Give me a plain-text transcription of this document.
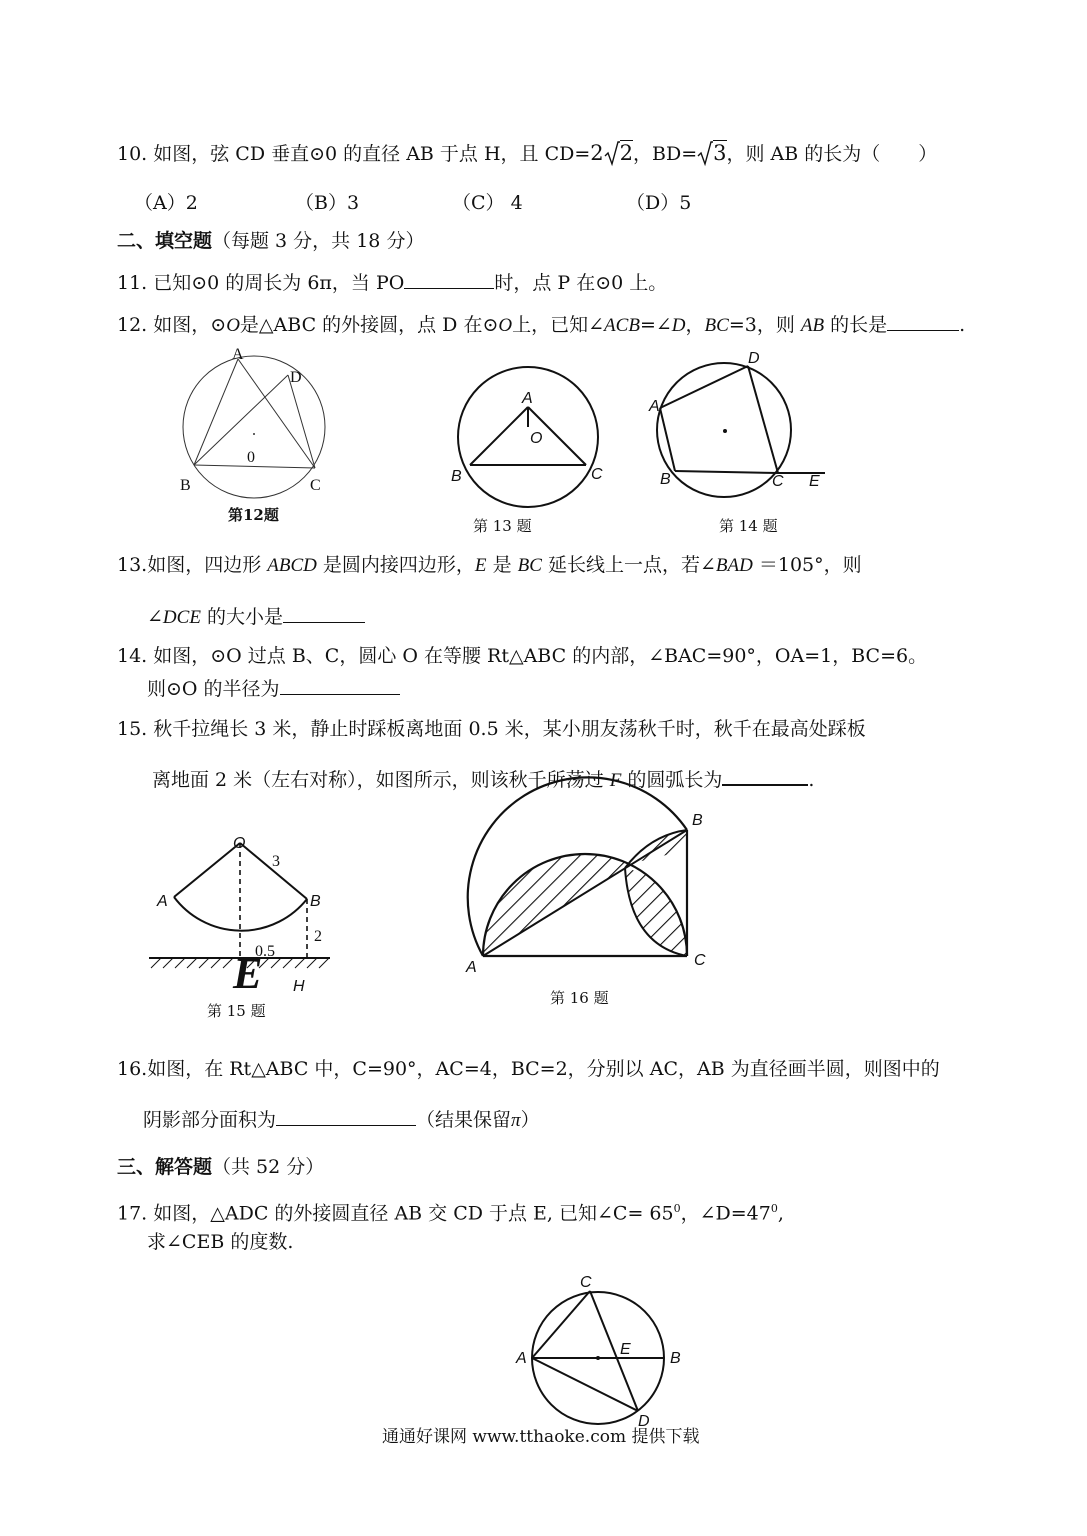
10. 如图，弦 CD 垂直⊙0 的直径 AB 于点 H，且 CD=2 2，BD= 3，则 AB 的长为（　　）
（A）2	（B）3	（C） 4	（D）5
二、填空题（每题 3 分，共 18 分）
11. 已知⊙0 的周长为 6π，当 PO	时，点 P 在⊙0 上。
12. 如图，⊙O是△ABC 的外接圆，点 D 在⊙O上，已知∠ACB=∠D，BC=3，则 AB 的长是	.
A
D
0
B	C
第12题
A
O
B	C
第 13 题
D
A
B	C E
第 14 题
13.如图，四边形 ABCD 是圆内接四边形，E 是 BC 延长线上一点，若∠BAD ＝105°，则
∠DCE 的大小是
14. 如图，⊙O 过点 B、C，圆心 O 在等腰 Rt△ABC 的内部，∠BAC=90°，OA=1，BC=6。
则⊙O 的半径为
15. 秋千拉绳长 3 米，静止时踩板离地面 0.5 米，某小朋友荡秋千时，秋千在最高处踩板
离地面 2 米（左右对称），如图所示，则该秋千所荡过 F 的圆弧长为	.
O
3
A	B
2
0.5
E H
第 15 题
B
A	C
第 16 题
16.如图，在 Rt△ABC 中，C=90°，AC=4，BC=2，分别以 AC，AB 为直径画半圆，则图中的
阴影部分面积为	（结果保留π）
三、解答题（共 52 分）
17. 如图，△ADC 的外接圆直径 AB 交 CD 于点 E, 已知∠C= $65^0$，$\angle D=47^0$,
求∠CEB 的度数.
C
A
E
B
D
通通好课网 www.tthaoke.com 提供下载
